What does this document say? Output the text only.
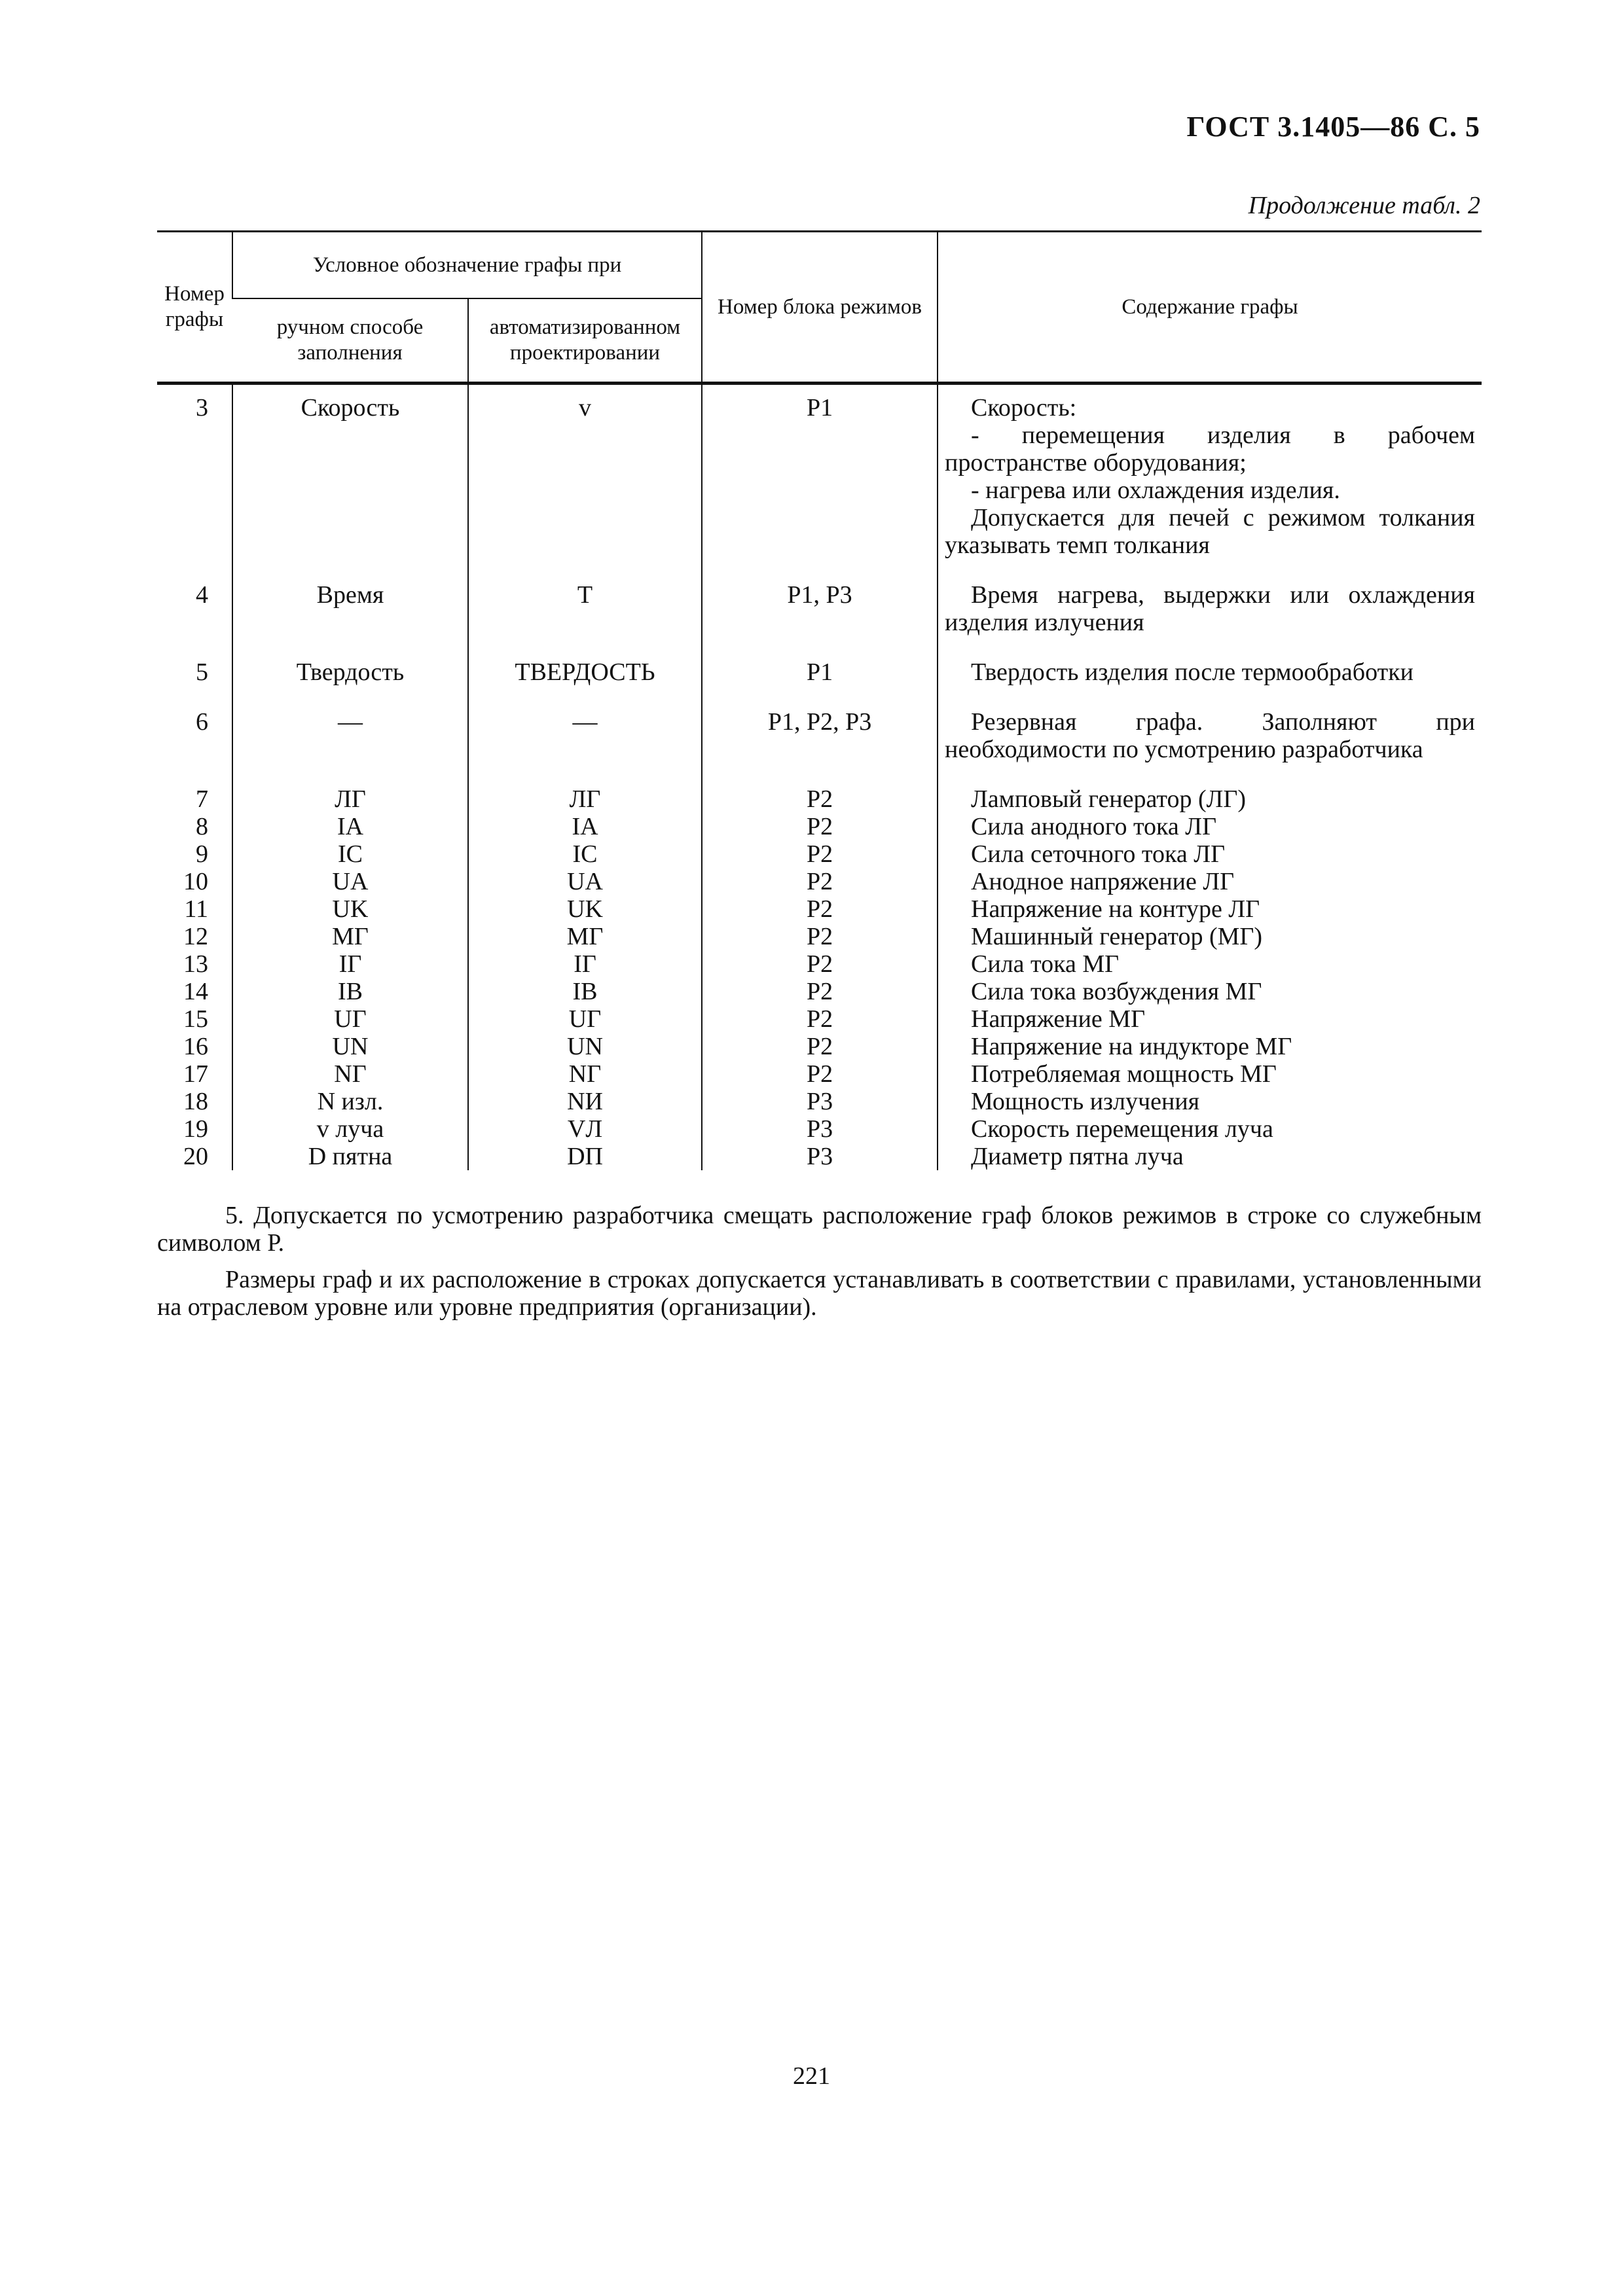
ГОСТ 3.1405—86 С. 5
Продолжение табл. 2
Номер графы	Условное обозначение графы при		Номер блока режимов	Содержание графы
	ручном способе заполнения	автоматизированном проектировании		
3	Скорость	v	P1	Скорость:
- перемещения изделия в рабочем пространстве оборудования;
- нагрева или охлаждения изделия.
Допускается для печей с режимом толкания указывать темп толкания

4	Время	T	P1, P3	Время нагрева, выдержки или охлаждения изделия излучения

5	Твердость	ТВЕРДОСТЬ	P1	Твердость изделия после термообработки

6	—	—	P1, P2, P3	Резервная графа. Заполняют при необходимости по усмотрению разработчика

7	ЛГ	ЛГ	P2	Ламповый генератор (ЛГ)

8	IA	IA	P2	Сила анодного тока ЛГ

9	IC	IC	P2	Сила сеточного тока ЛГ

10	UA	UA	P2	Анодное напряжение ЛГ

11	UK	UK	P2	Напряжение на контуре ЛГ

12	МГ	МГ	P2	Машинный генератор (МГ)

13	IГ	IГ	P2	Сила тока МГ

14	IB	IB	P2	Сила тока возбуждения МГ

15	UГ	UГ	P2	Напряжение МГ

16	UN	UN	P2	Напряжение на индукторе МГ

17	NГ	NГ	P2	Потребляемая мощность МГ

18	N изл.	NИ	P3	Мощность излучения

19	v луча	VЛ	P3	Скорость перемещения луча

20	D пятна	DП	P3	Диаметр пятна луча

5. Допускается по усмотрению разработчика смещать расположение граф блоков режимов в строке со служебным символом Р.

Размеры граф и их расположение в строках допускается устанавливать в соответствии с правилами, установленными на отраслевом уровне или уровне предприятия (организации).

221
